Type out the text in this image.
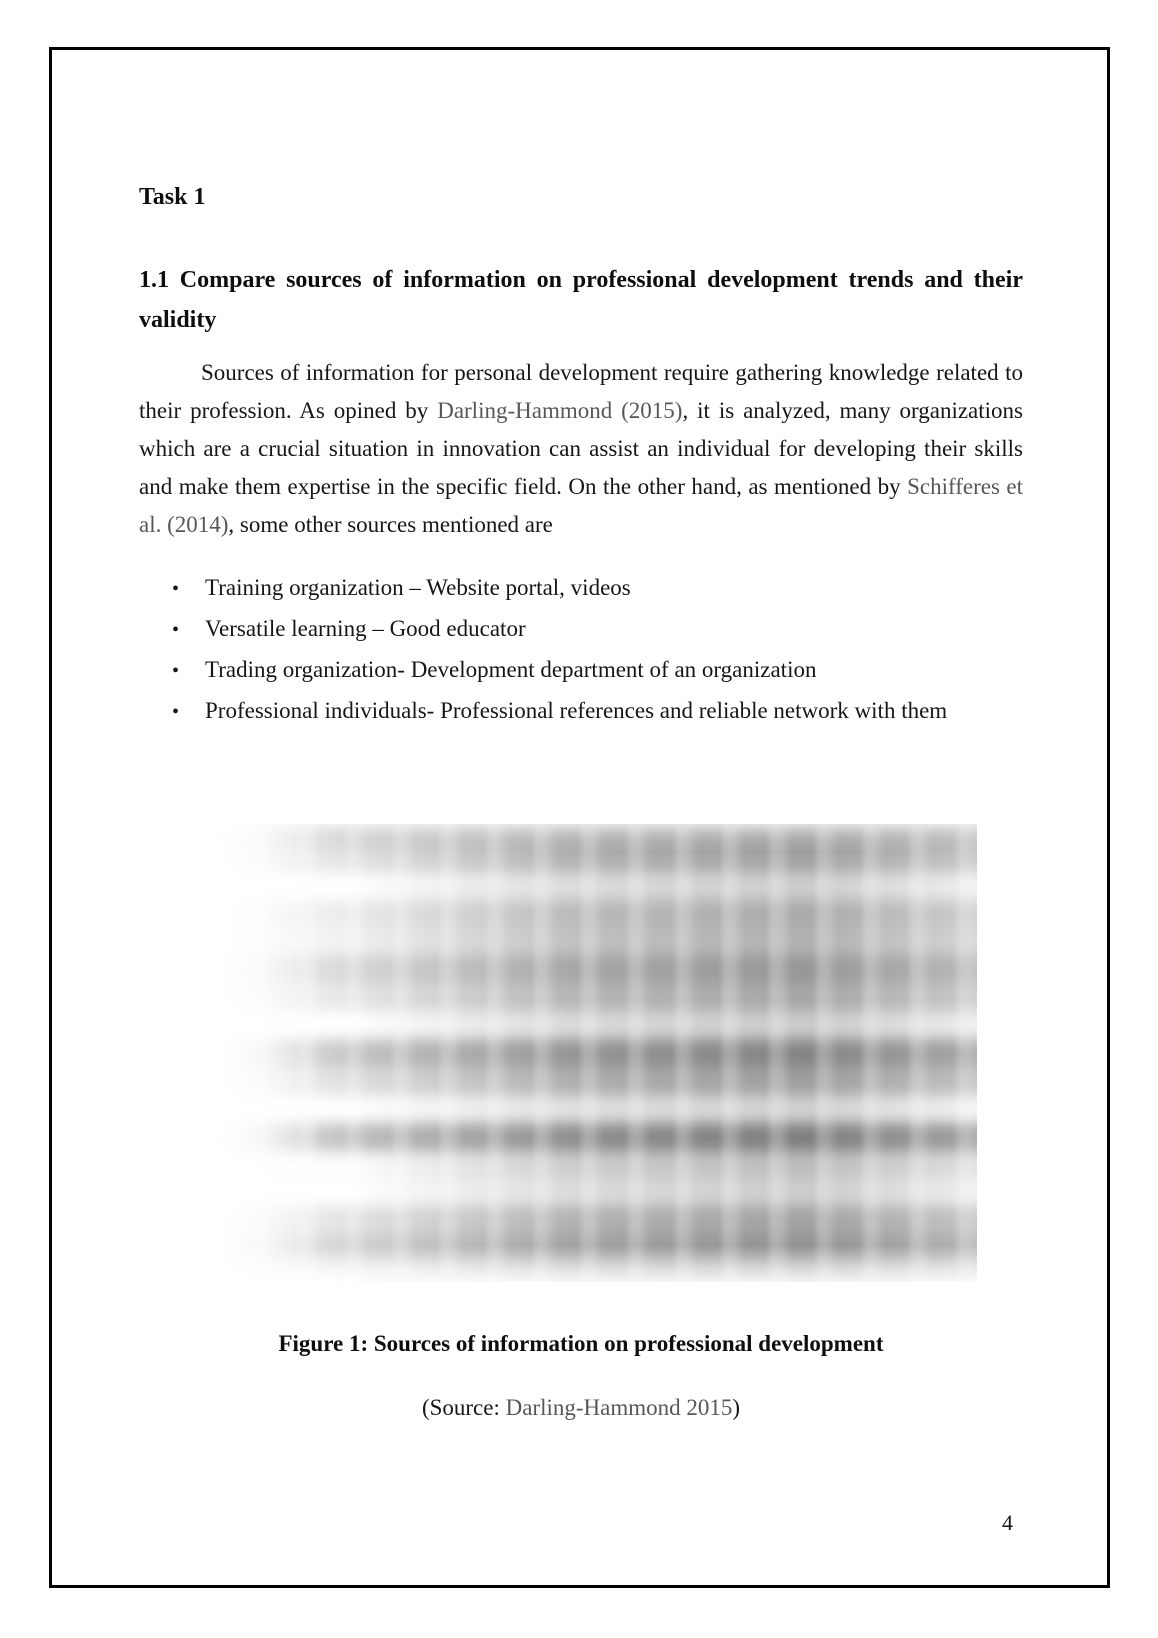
Task 1
1.1 Compare sources of information on professional development trends and their validity

Sources of information for personal development require gathering knowledge related to their profession. As opined by Darling-Hammond (2015), it is analyzed, many organizations which are a crucial situation in innovation can assist an individual for developing their skills and make them expertise in the specific field. On the other hand, as mentioned by Schifferes et al. (2014), some other sources mentioned are

•	Training organization – Website portal, videos
•	Versatile learning – Good educator
•	Trading organization- Development department of an organization
•	Professional individuals- Professional references and reliable network with them
Figure 1: Sources of information on professional development
(Source: Darling-Hammond 2015)
4
